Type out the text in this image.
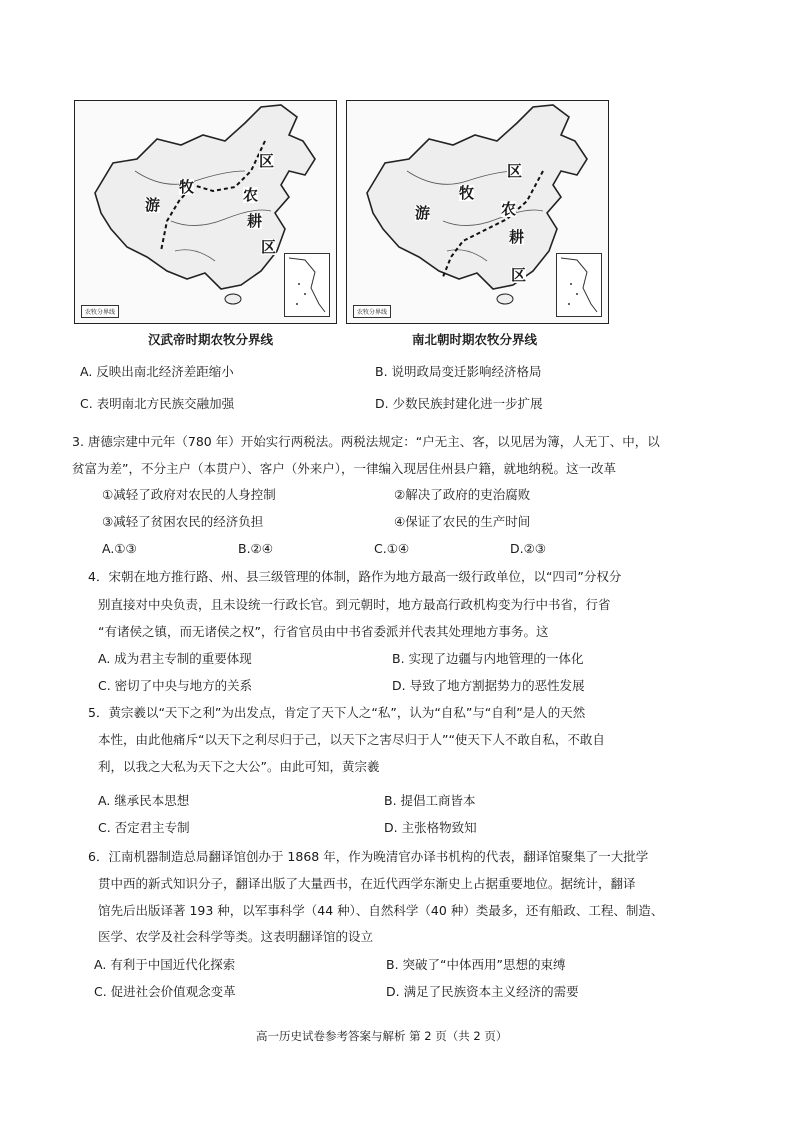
牧
区
农
耕
区
游
农牧分界线
汉武帝时期农牧分界线
牧
区
农
耕
区
游
农牧分界线
南北朝时期农牧分界线
A. 反映出南北经济差距缩小	B. 说明政局变迁影响经济格局
C. 表明南北方民族交融加强	D. 少数民族封建化进一步扩展
3. 唐德宗建中元年（780 年）开始实行两税法。两税法规定：“户无主、客，以见居为簿，人无丁、中，以
贫富为差”，不分主户（本贯户）、客户（外来户），一律编入现居住州县户籍，就地纳税。这一改革
①减轻了政府对农民的人身控制	②解决了政府的吏治腐败
③减轻了贫困农民的经济负担	④保证了农民的生产时间
A.①③	B.②④	C.①④	D.②③
4．宋朝在地方推行路、州、县三级管理的体制，路作为地方最高一级行政单位，以“四司”分权分
别直接对中央负责，且未设统一行政长官。到元朝时，地方最高行政机构变为行中书省，行省
“有诸侯之镇，而无诸侯之权”，行省官员由中书省委派并代表其处理地方事务。这
A. 成为君主专制的重要体现	B. 实现了边疆与内地管理的一体化
C. 密切了中央与地方的关系	D. 导致了地方割据势力的恶性发展
5．黄宗羲以“天下之利”为出发点，肯定了天下人之“私”，认为“自私”与“自利”是人的天然
本性，由此他痛斥“以天下之利尽归于己，以天下之害尽归于人”“使天下人不敢自私，不敢自
利，以我之大私为天下之大公”。由此可知，黄宗羲
A. 继承民本思想	B. 提倡工商皆本
C. 否定君主专制	D. 主张格物致知
6．江南机器制造总局翻译馆创办于 1868 年，作为晚清官办译书机构的代表，翻译馆聚集了一大批学
贯中西的新式知识分子，翻译出版了大量西书，在近代西学东渐史上占据重要地位。据统计，翻译
馆先后出版译著 193 种，以军事科学（44 种）、自然科学（40 种）类最多，还有船政、工程、制造、
医学、农学及社会科学等类。这表明翻译馆的设立
A. 有利于中国近代化探索	B. 突破了“中体西用”思想的束缚
C. 促进社会价值观念变革	D. 满足了民族资本主义经济的需要
高一历史试卷参考答案与解析 第 2 页（共 2 页）
